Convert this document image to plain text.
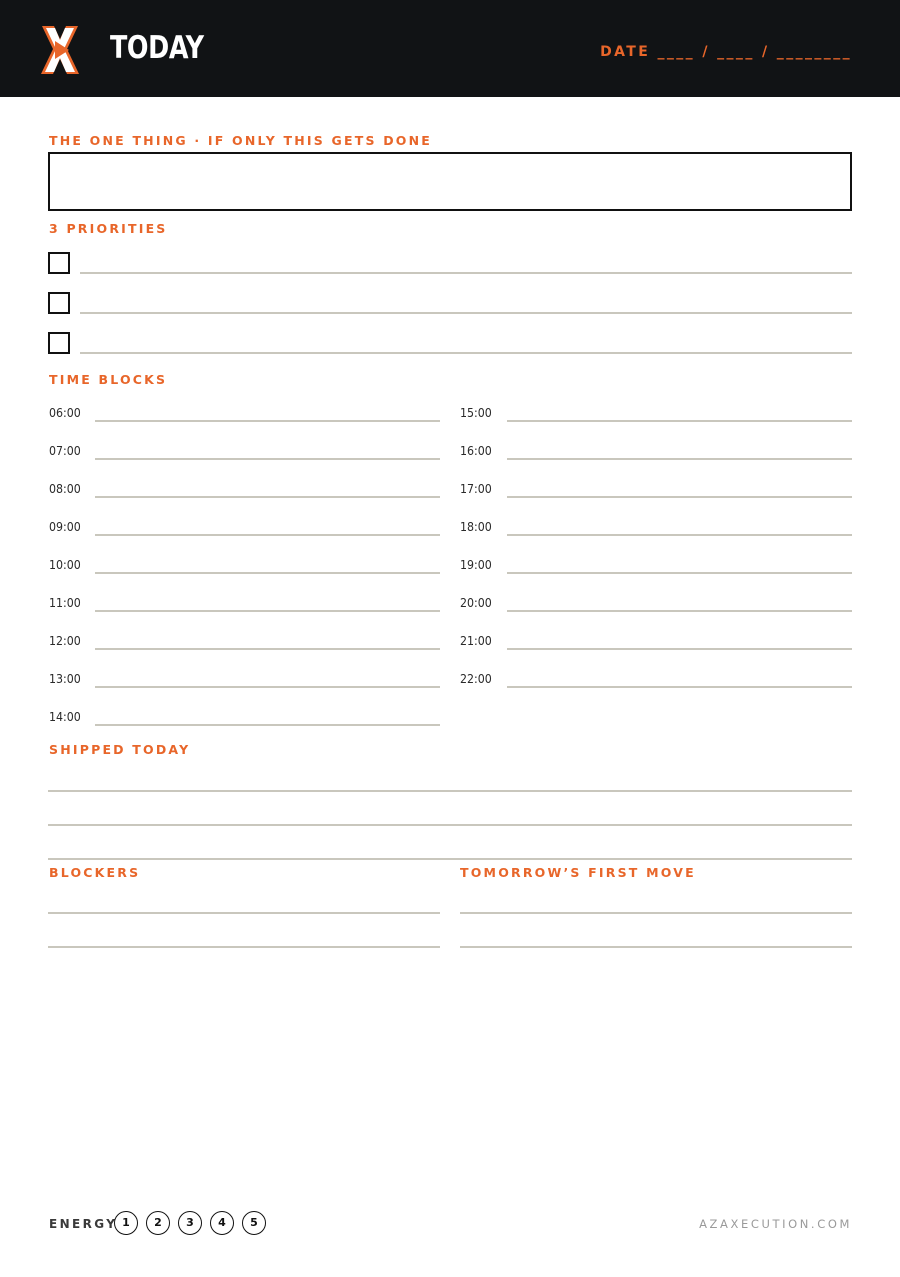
TODAY	DATE ____ / ____ / ________
THE ONE THING · IF ONLY THIS GETS DONE
3 PRIORITIES
TIME BLOCKS
06:00
07:00
08:00
09:00
10:00
11:00
12:00
13:00
14:00
15:00
16:00
17:00
18:00
19:00
20:00
21:00
22:00
SHIPPED TODAY
BLOCKERS	TOMORROW’S FIRST MOVE
ENERGY 1	2	3	4	5	AZAXECUTION.COM
